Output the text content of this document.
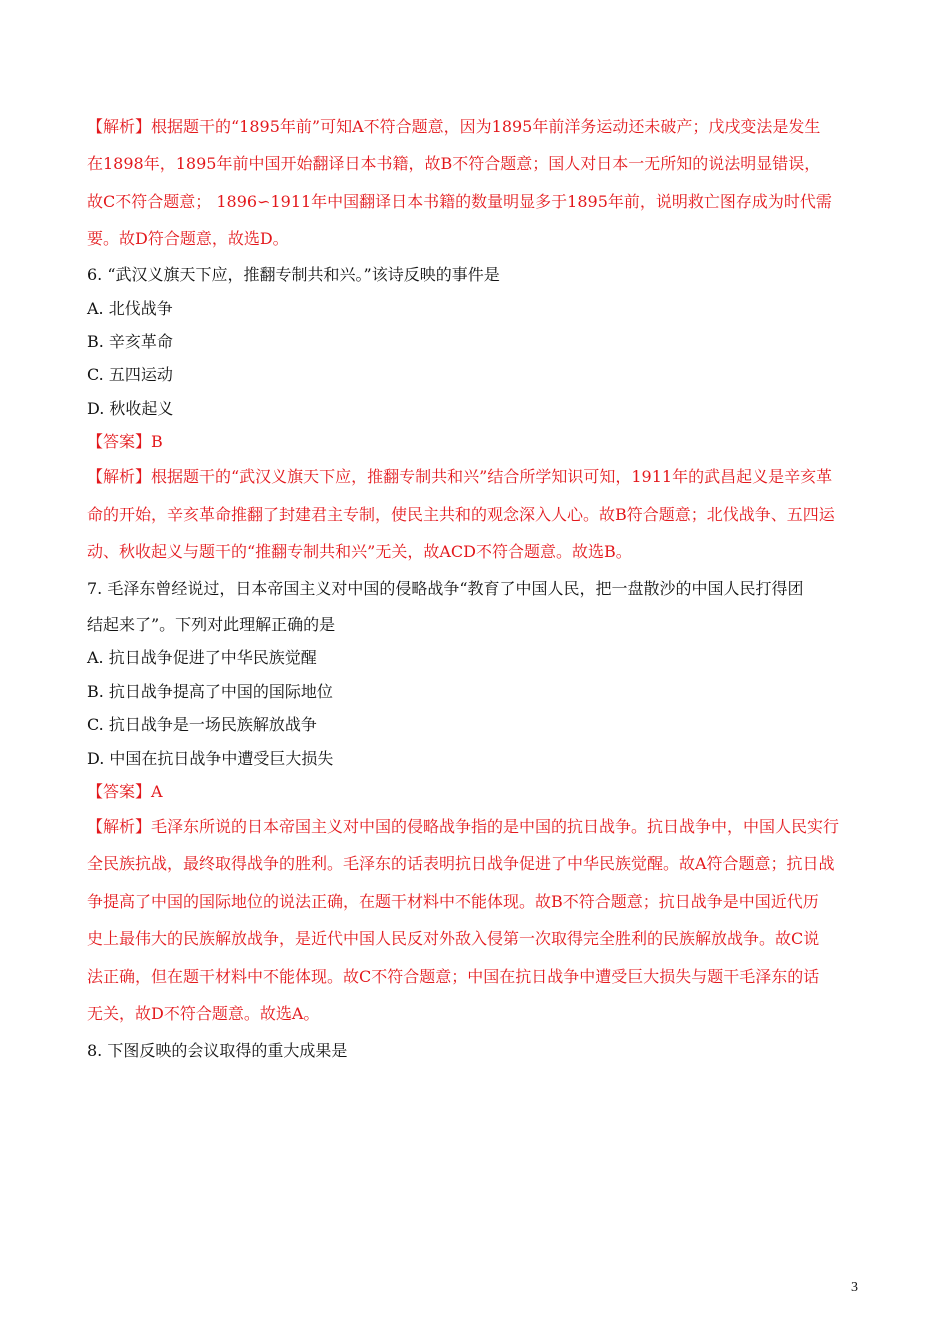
【解析】根据题干的“1895年前”可知A不符合题意，因为1895年前洋务运动还未破产；戊戌变法是发生
在1898年，1895年前中国开始翻译日本书籍，故B不符合题意；国人对日本一无所知的说法明显错误，
故C不符合题意； 1896∽1911年中国翻译日本书籍的数量明显多于1895年前，说明救亡图存成为时代需
要。故D符合题意，故选D。
6. “武汉义旗天下应，推翻专制共和兴。”该诗反映的事件是
A. 北伐战争
B. 辛亥革命
C. 五四运动
D. 秋收起义
【答案】B
【解析】根据题干的“武汉义旗天下应，推翻专制共和兴”结合所学知识可知，1911年的武昌起义是辛亥革
命的开始，辛亥革命推翻了封建君主专制，使民主共和的观念深入人心。故B符合题意；北伐战争、五四运
动、秋收起义与题干的“推翻专制共和兴”无关，故ACD不符合题意。故选B。
7. 毛泽东曾经说过，日本帝国主义对中国的侵略战争“教育了中国人民，把一盘散沙的中国人民打得团
结起来了”。下列对此理解正确的是
A. 抗日战争促进了中华民族觉醒
B. 抗日战争提高了中国的国际地位
C. 抗日战争是一场民族解放战争
D. 中国在抗日战争中遭受巨大损失
【答案】A
【解析】毛泽东所说的日本帝国主义对中国的侵略战争指的是中国的抗日战争。抗日战争中，中国人民实行
全民族抗战，最终取得战争的胜利。毛泽东的话表明抗日战争促进了中华民族觉醒。故A符合题意；抗日战
争提高了中国的国际地位的说法正确，在题干材料中不能体现。故B不符合题意；抗日战争是中国近代历
史上最伟大的民族解放战争，是近代中国人民反对外敌入侵第一次取得完全胜利的民族解放战争。故C说
法正确，但在题干材料中不能体现。故C不符合题意；中国在抗日战争中遭受巨大损失与题干毛泽东的话
无关，故D不符合题意。故选A。
8. 下图反映的会议取得的重大成果是
3
